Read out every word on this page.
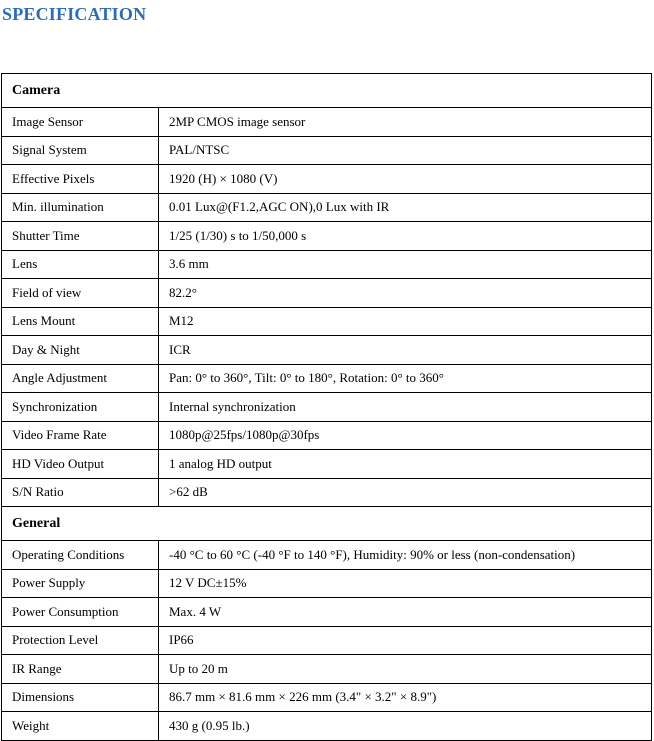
SPECIFICATION
Camera	
Image Sensor	2MP CMOS image sensor
Signal System	PAL/NTSC
Effective Pixels	1920 (H) × 1080 (V)
Min. illumination	0.01 Lux@(F1.2,AGC ON),0 Lux with IR
Shutter Time	1/25 (1/30) s to 1/50,000 s
Lens	3.6 mm
Field of view	82.2°
Lens Mount	M12
Day & Night	ICR
Angle Adjustment	Pan: 0° to 360°, Tilt: 0° to 180°, Rotation: 0° to 360°
Synchronization	Internal synchronization
Video Frame Rate	1080p@25fps/1080p@30fps
HD Video Output	1 analog HD output
S/N Ratio	>62 dB
General	
Operating Conditions	-40 °C to 60 °C (-40 °F to 140 °F), Humidity: 90% or less (non-condensation)
Power Supply	12 V DC±15%
Power Consumption	Max. 4 W
Protection Level	IP66
IR Range	Up to 20 m
Dimensions	86.7 mm × 81.6 mm × 226 mm (3.4" × 3.2" × 8.9")
Weight	430 g (0.95 lb.)
